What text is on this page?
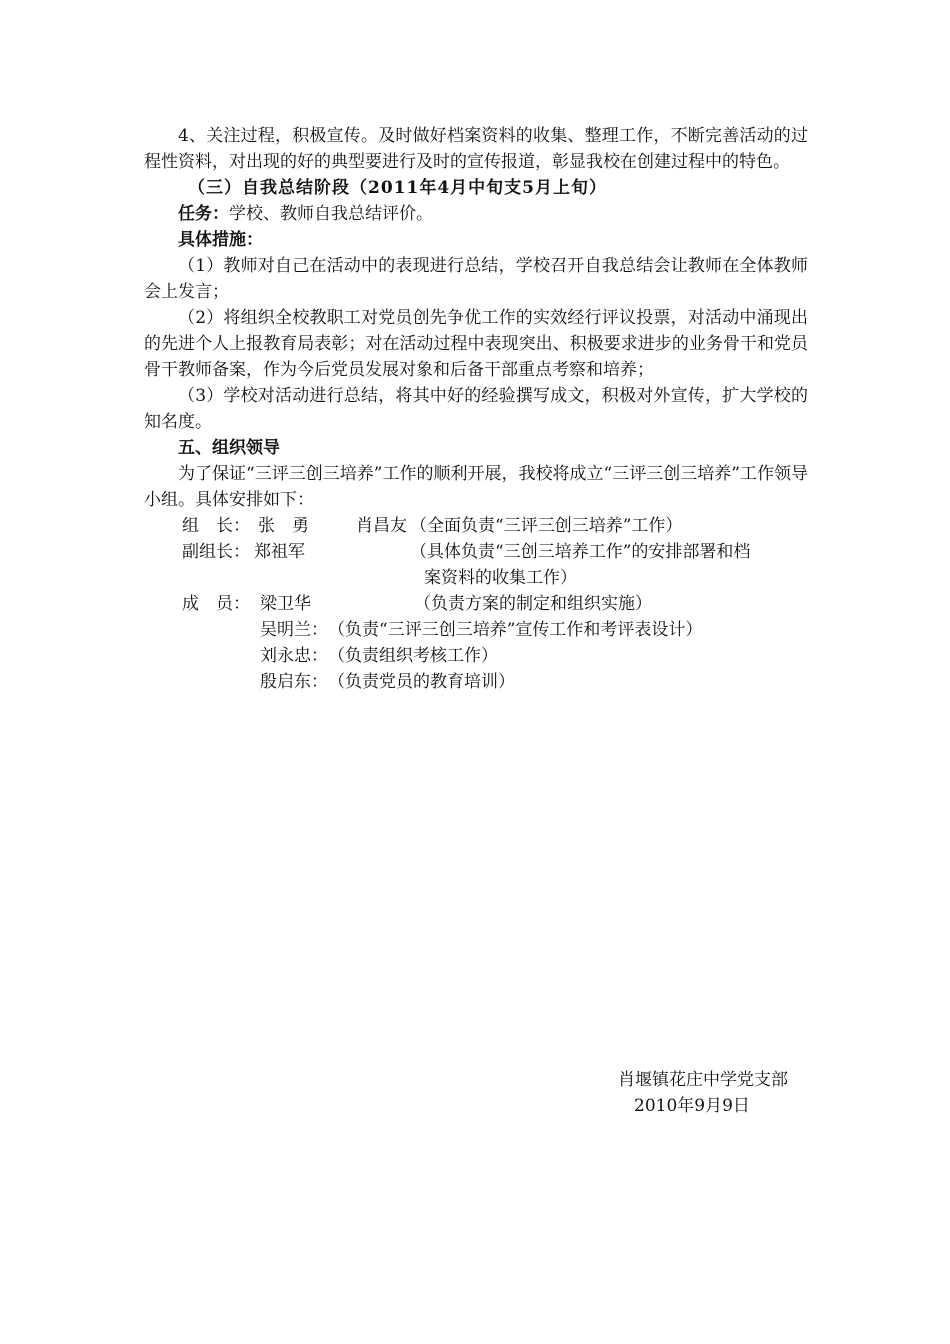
4、关注过程，积极宣传。及时做好档案资料的收集、整理工作，不断完善活动的过程性资料，对出现的好的典型要进行及时的宣传报道，彰显我校在创建过程中的特色。

（三）自我总结阶段（2011年4月中旬支5月上旬）

任务：学校、教师自我总结评价。

具体措施：

（1）教师对自己在活动中的表现进行总结，学校召开自我总结会让教师在全体教师会上发言；

（2）将组织全校教职工对党员创先争优工作的实效经行评议投票，对活动中涌现出的先进个人上报教育局表彰；对在活动过程中表现突出、积极要求进步的业务骨干和党员骨干教师备案，作为今后党员发展对象和后备干部重点考察和培养；

（3）学校对活动进行总结，将其中好的经验撰写成文，积极对外宣传，扩大学校的知名度。

五、组织领导

为了保证“三评三创三培养”工作的顺利开展，我校将成立“三评三创三培养”工作领导小组。具体安排如下：

组　长： 张　勇	肖昌友 （全面负责“三评三创三培养”工作）
副组长： 郑祖军	（具体负责“三创三培养工作”的安排部署和档
案资料的收集工作）
成　员： 梁卫华	（负责方案的制定和组织实施）
吴明兰： （负责“三评三创三培养”宣传工作和考评表设计）
刘永忠： （负责组织考核工作）
殷启东： （负责党员的教育培训）
肖堰镇花庄中学党支部
2010年9月9日
